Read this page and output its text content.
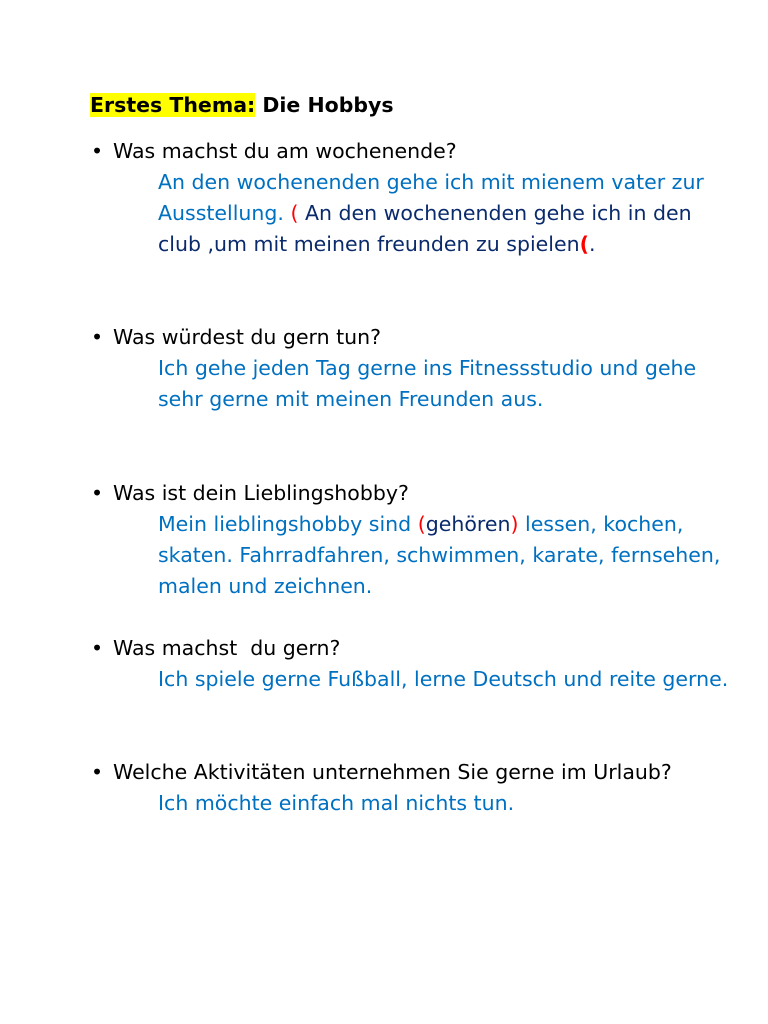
Erstes Thema: Die Hobbys
• Was machst du am wochenende?
An den wochenenden gehe ich mit mienem vater zur Ausstellung. ( An den wochenenden gehe ich in den club ,um mit meinen freunden zu spielen(.
• Was würdest du gern tun?
Ich gehe jeden Tag gerne ins Fitnessstudio und gehe sehr gerne mit meinen Freunden aus.
• Was ist dein Lieblingshobby?
Mein lieblingshobby sind (gehören) lessen, kochen, skaten. Fahrradfahren, schwimmen, karate, fernsehen, malen und zeichnen.
• Was machst  du gern?
Ich spiele gerne Fußball, lerne Deutsch und reite gerne.
• Welche Aktivitäten unternehmen Sie gerne im Urlaub?
Ich möchte einfach mal nichts tun.
